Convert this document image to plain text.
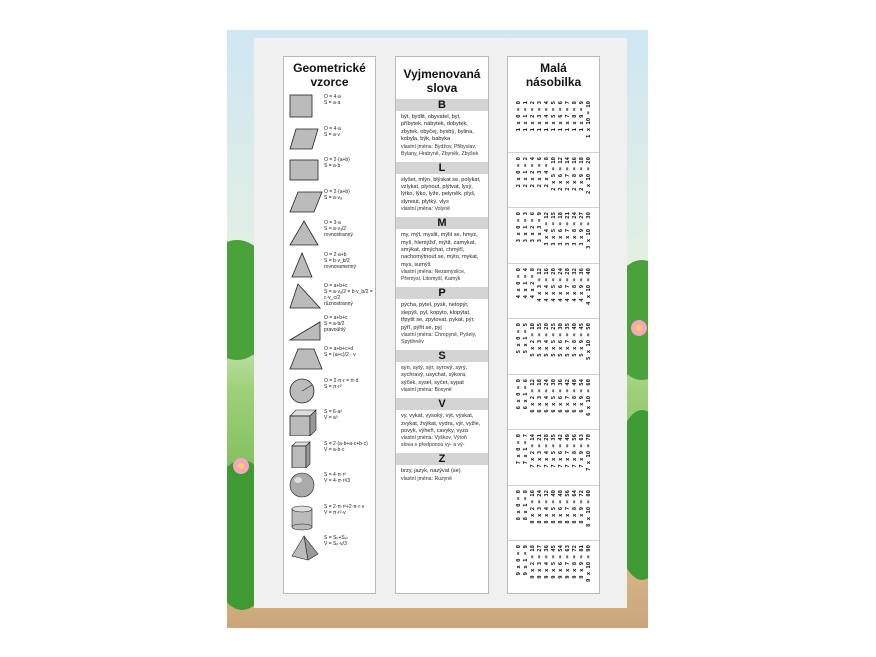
Geometrické vzorce
O = 4·a
S = a·a
O = 4·a
S = a·v
O = 2·(a+b)
S = a·b
O = 2·(a+b)
S = a·vₐ
O = 3·a
S = a·vₐ/2
rovnostranný
O = 2·a+b
S = b·v_b/2
rovnoramenný
O = a+b+c
S = a·vₐ/2 = b·v_b/2 = c·v_c/2
různostranný
O = a+b+c
S = a·b/2
pravoúhlý
O = a+b+c+d
S = (a+c)/2 · v
O = 2·π·r = π·d
S = π·r²
S = 6·a²
V = a³
S = 2·(a·b+a·c+b·c)
V = a·b·c
S = 4·π·r²
V = 4·π·r³/3
S = 2·π·r²+2·π·r·v
V = π·r²·v
S = Sₚ+Sₚₗ
V = Sₚ·v/3
Vyjmenovaná slova
B
být, bydlit, obyvatel, byt, příbytek, nábytek, dobytek, zbytek, obyčej, bystrý, bylina, kobyla, býk, babyka
vlastní jména: Bydžov, Přibyslav, Bylany, Hrabyně, Zbyněk, Zbyšek
L
slyšet, mlýn, blýskat se, polykat, vzlykat, plynout, plýtvat, lysý, lýtko, lýko, lyže, pelyněk, plyš, slynout, plytký, vlys
vlastní jména: Volyně
M
my, mýt, myslit, mýlit se, hmyz, myš, hlemýžď, mýtit, zamykat, smýkat, dmýchat, chmýří, nachomýtnout se, mýto, mykat, mys, sumýš
vlastní jména: Nezamyslice, Přemysl, Litomyšl, Kamýk
P
pýcha, pytel, pysk, netopýr, slepýš, pyl, kopyto, klopýtat, třpytit se, zpytovat, pykat, pýr, pýří, pýřit se, pyj
vlastní jména: Chropyně, Pyšely, Spytihněv
S
syn, sytý, sýr, syrový, syrý, sychravý, usychat, sýkora, sýček, sysel, syčet, sypat
vlastní jména: Bosyně
V
vy, vykat, vysoký, výt, výskat, zvykat, žvýkat, vydra, výr, vyžle, povyk, výheň, cavyky, vyza
vlastní jména: Vyškov, Výtoň
slova s předponou vy- a vý-
Z
brzy, jazyk, nazývat (se)
vlastní jména: Ruzyně
Malá násobilka
1 x 0 = 0 1 x 1 = 1 1 x 2 = 2 1 x 3 = 3 1 x 4 = 4 1 x 5 = 5 1 x 6 = 6 1 x 7 = 7 1 x 8 = 8 1 x 9 = 9 1 x 10 = 10
2 x 0 = 0 2 x 1 = 2 2 x 2 = 4 2 x 3 = 6 2 x 4 = 8 2 x 5 = 10 2 x 6 = 12 2 x 7 = 14 2 x 8 = 16 2 x 9 = 18 2 x 10 = 20
3 x 0 = 0 3 x 1 = 3 3 x 2 = 6 3 x 3 = 9 3 x 4 = 12 3 x 5 = 15 3 x 6 = 18 3 x 7 = 21 3 x 8 = 24 3 x 9 = 27 3 x 10 = 30
4 x 0 = 0 4 x 1 = 4 4 x 2 = 8 4 x 3 = 12 4 x 4 = 16 4 x 5 = 20 4 x 6 = 24 4 x 7 = 28 4 x 8 = 32 4 x 9 = 36 4 x 10 = 40
5 x 0 = 0 5 x 1 = 5 5 x 2 = 10 5 x 3 = 15 5 x 4 = 20 5 x 5 = 25 5 x 6 = 30 5 x 7 = 35 5 x 8 = 40 5 x 9 = 45 5 x 10 = 50
6 x 0 = 0 6 x 1 = 6 6 x 2 = 12 6 x 3 = 18 6 x 4 = 24 6 x 5 = 30 6 x 6 = 36 6 x 7 = 42 6 x 8 = 48 6 x 9 = 54 6 x 10 = 60
7 x 0 = 0 7 x 1 = 7 7 x 2 = 14 7 x 3 = 21 7 x 4 = 28 7 x 5 = 35 7 x 6 = 42 7 x 7 = 49 7 x 8 = 56 7 x 9 = 63 7 x 10 = 70
8 x 0 = 0 8 x 1 = 8 8 x 2 = 16 8 x 3 = 24 8 x 4 = 32 8 x 5 = 40 8 x 6 = 48 8 x 7 = 56 8 x 8 = 64 8 x 9 = 72 8 x 10 = 80
9 x 0 = 0 9 x 1 = 9 9 x 2 = 18 9 x 3 = 27 9 x 4 = 36 9 x 5 = 45 9 x 6 = 54 9 x 7 = 63 9 x 8 = 72 9 x 9 = 81 9 x 10 = 90
